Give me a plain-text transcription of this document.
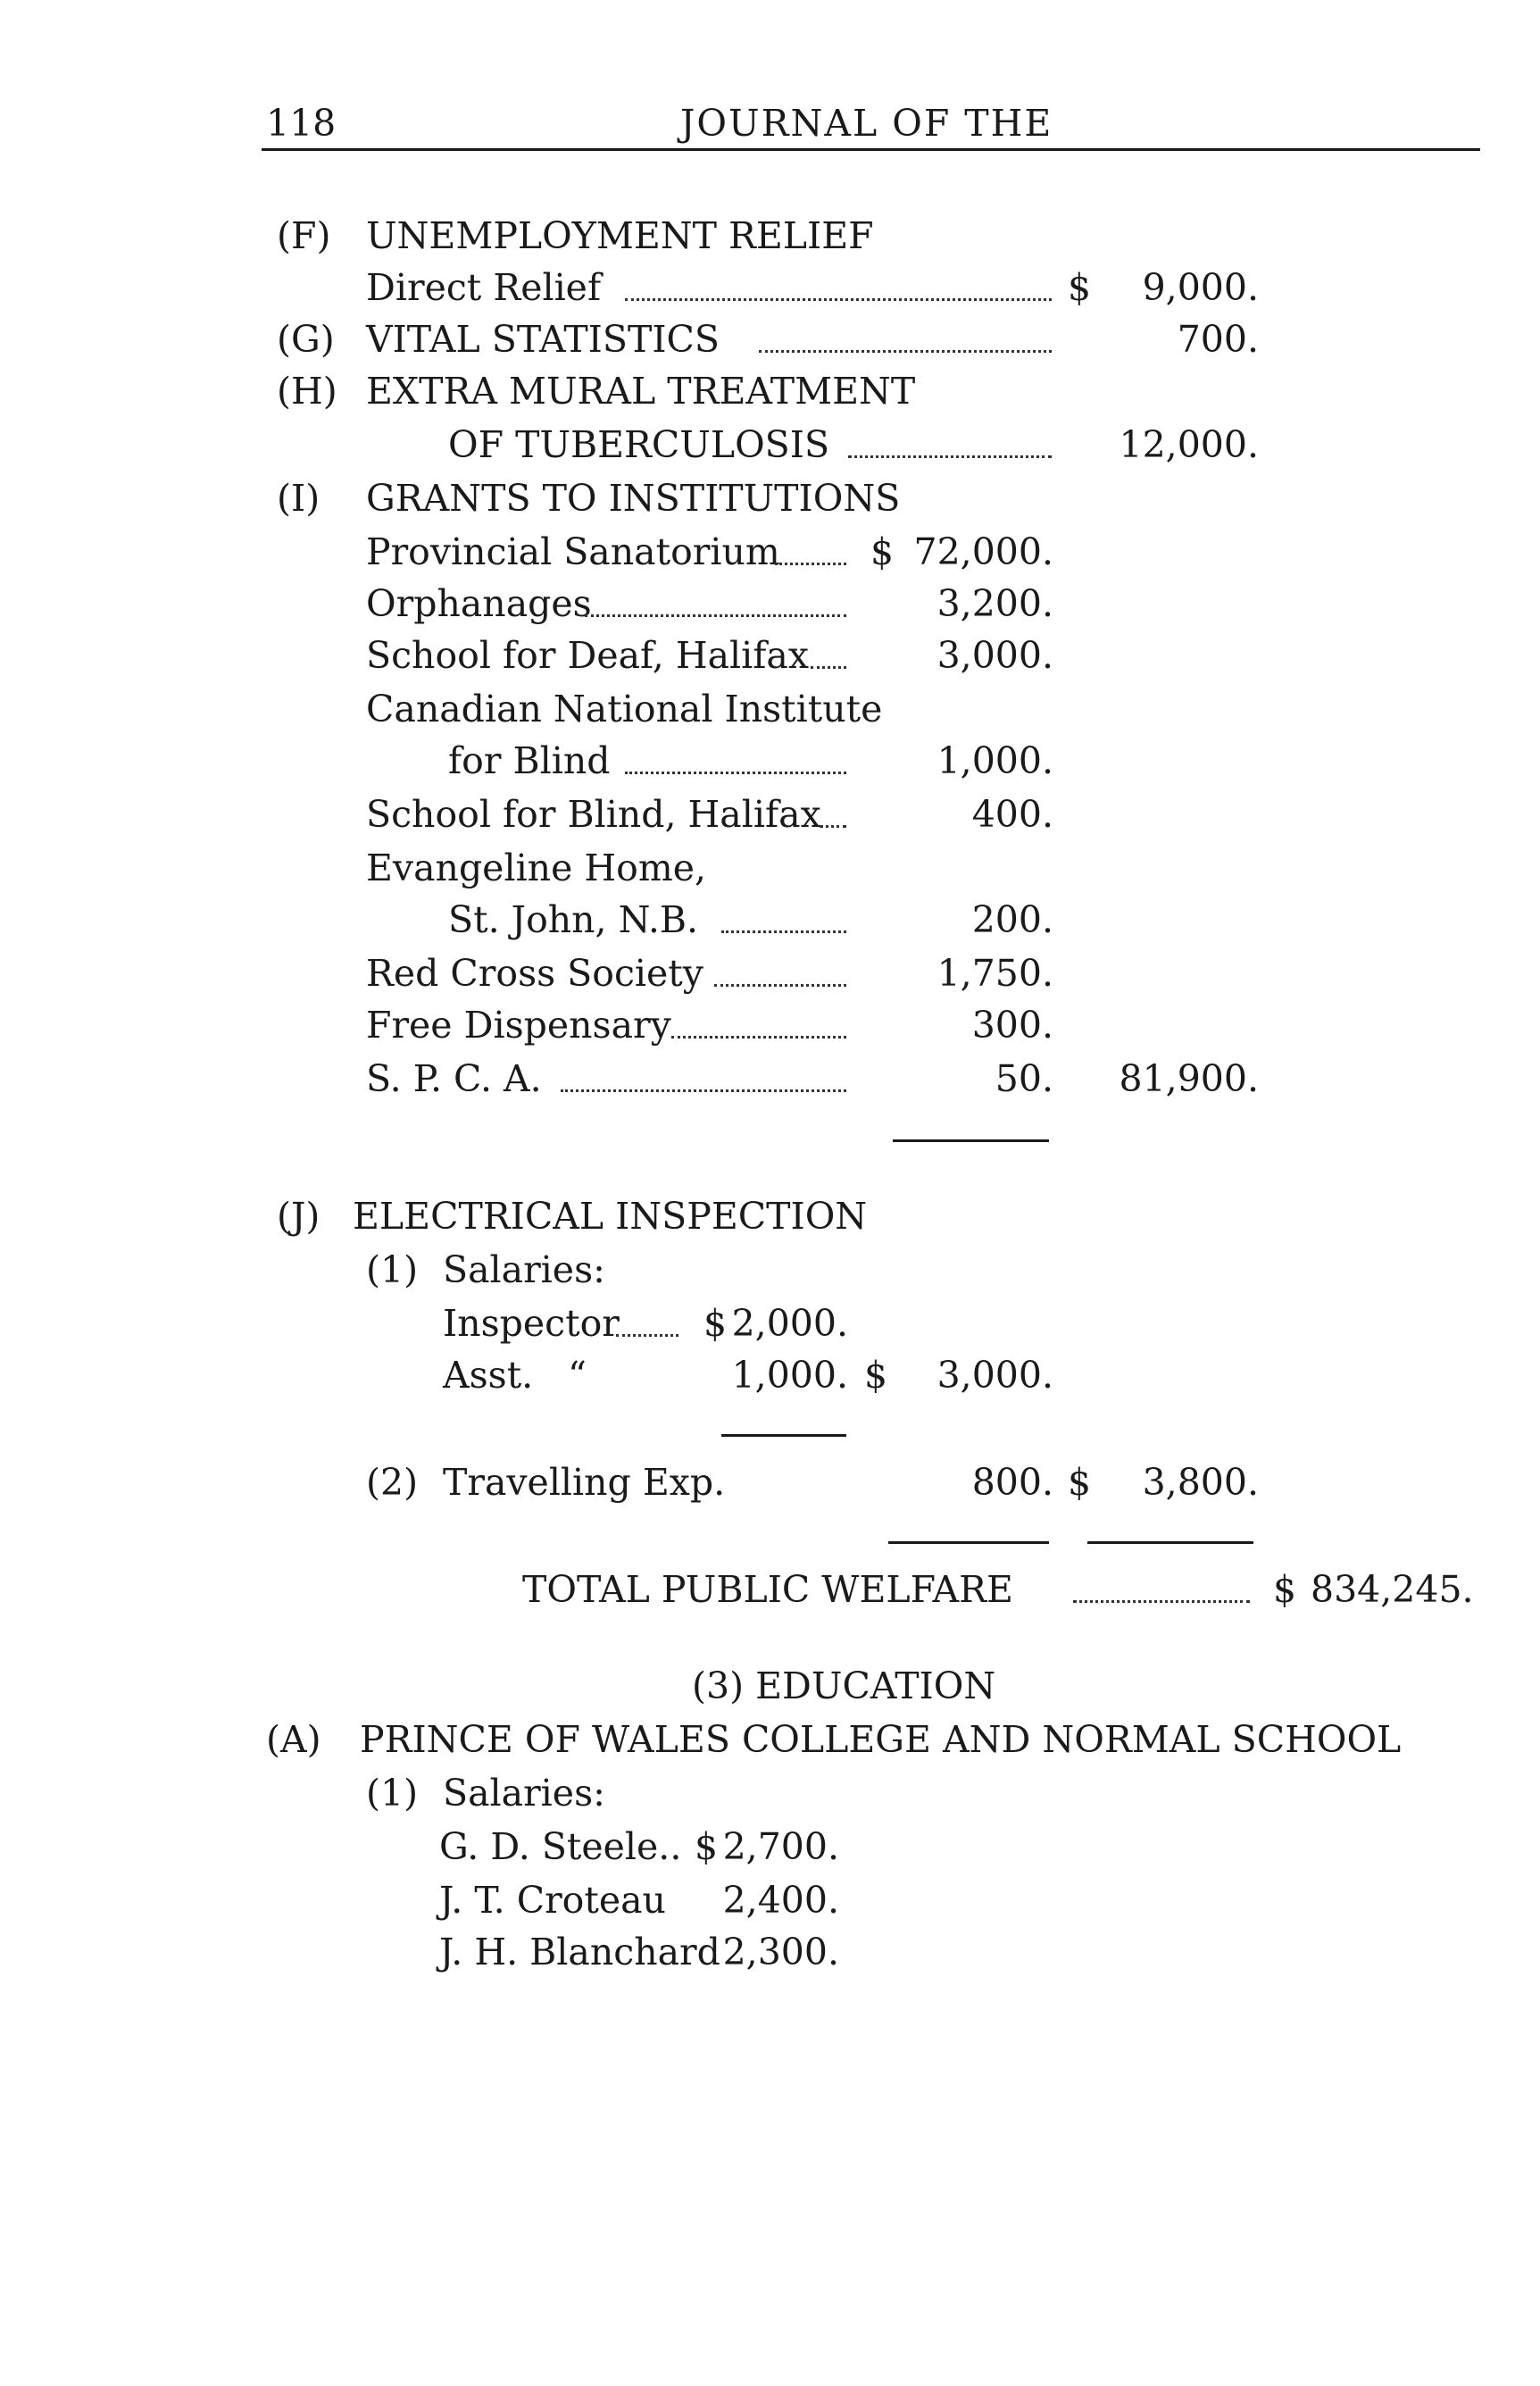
118	JOURNAL OF THE
(F) UNEMPLOYMENT RELIEF
Direct Relief	$	9,000.
(G) VITAL STATISTICS	700.
(H) EXTRA MURAL TREATMENT
OF TUBERCULOSIS	12,000.
(I) GRANTS TO INSTITUTIONS
Provincial Sanatorium $ 72,000.
Orphanages	3,200.
School for Deaf, Halifax	3,000.
Canadian National Institute
for Blind	1,000.
School for Blind, Halifax	400.
Evangeline Home,
St. John, N.B.	200.
Red Cross Society	1,750.
Free Dispensary	300.
S. P. C. A.	50.	81,900.
(J) ELECTRICAL INSPECTION
(1) Salaries:
Inspector $ 2,000.
Asst. “	1,000. $	3,000.
(2) Travelling Exp.	800. $	3,800.
TOTAL PUBLIC WELFARE	$ 834,245.
(3) EDUCATION
(A) PRINCE OF WALES COLLEGE AND NORMAL SCHOOL
(1) Salaries:
G. D. Steele.. $ 2,700.
J. T. Croteau	2,400.
J. H. Blanchard 2,300.
